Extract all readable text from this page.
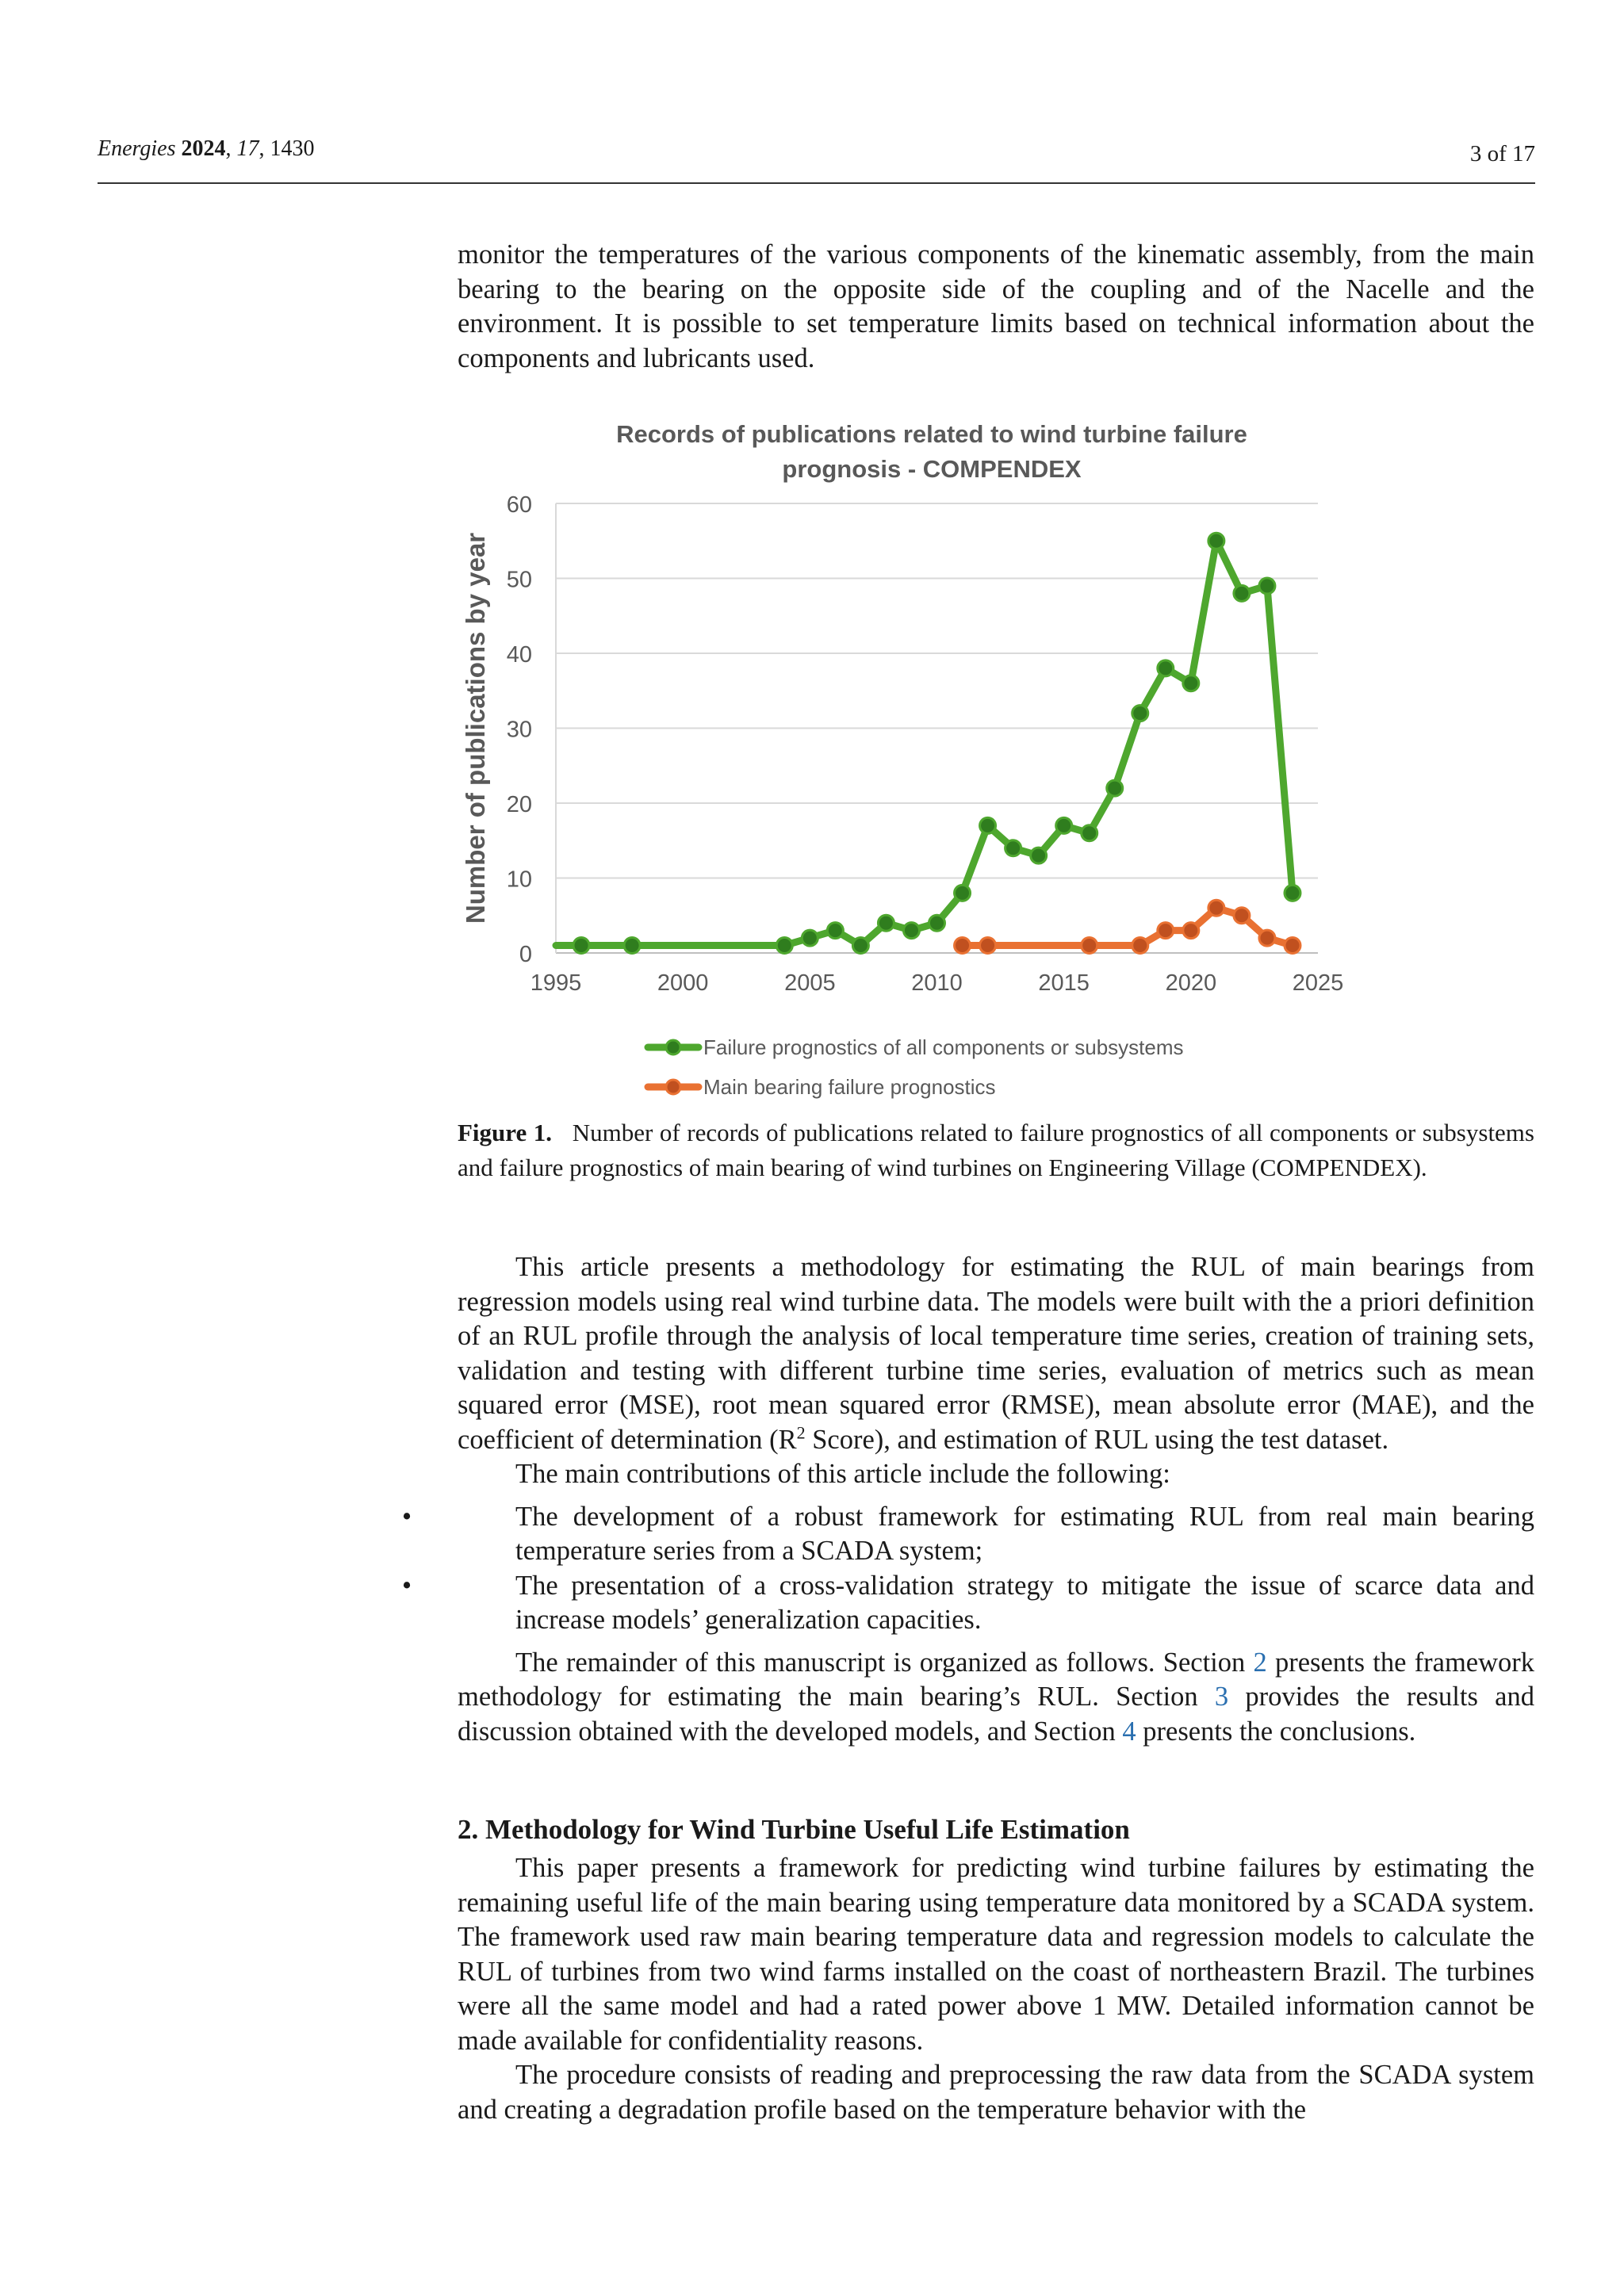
Energies 2024, 17, 1430	3 of 17

monitor the temperatures of the various components of the kinematic assembly, from the main bearing to the bearing on the opposite side of the coupling and of the Nacelle and the environment. It is possible to set temperature limits based on technical information about the components and lubricants used.

Records of publications related to wind turbine failure
prognosis - COMPENDEX
0
10
20
30
40
50
60
1995	2000	2005	2010	2015	2020	2025
Number of publications by year
Failure prognostics of all components or subsystems
Main bearing failure prognostics
Figure 1. Number of records of publications related to failure prognostics of all components or subsystems and failure prognostics of main bearing of wind turbines on Engineering Village (COMPENDEX).

This article presents a methodology for estimating the RUL of main bearings from regression models using real wind turbine data. The models were built with the a priori definition of an RUL profile through the analysis of local temperature time series, creation of training sets, validation and testing with different turbine time series, evaluation of metrics such as mean squared error (MSE), root mean squared error (RMSE), mean absolute error (MAE), and the coefficient of determination ($R^2$ Score), and estimation of RUL using the test dataset.

The main contributions of this article include the following:

•	The development of a robust framework for estimating RUL from real main bearing temperature series from a SCADA system;
•	The presentation of a cross-validation strategy to mitigate the issue of scarce data and increase models’ generalization capacities.

The remainder of this manuscript is organized as follows. Section 2 presents the framework methodology for estimating the main bearing’s RUL. Section 3 provides the results and discussion obtained with the developed models, and Section 4 presents the conclusions.

2. Methodology for Wind Turbine Useful Life Estimation

This paper presents a framework for predicting wind turbine failures by estimating the remaining useful life of the main bearing using temperature data monitored by a SCADA system. The framework used raw main bearing temperature data and regression models to calculate the RUL of turbines from two wind farms installed on the coast of northeastern Brazil. The turbines were all the same model and had a rated power above 1 MW. Detailed information cannot be made available for confidentiality reasons.

The procedure consists of reading and preprocessing the raw data from the SCADA system and creating a degradation profile based on the temperature behavior with the
